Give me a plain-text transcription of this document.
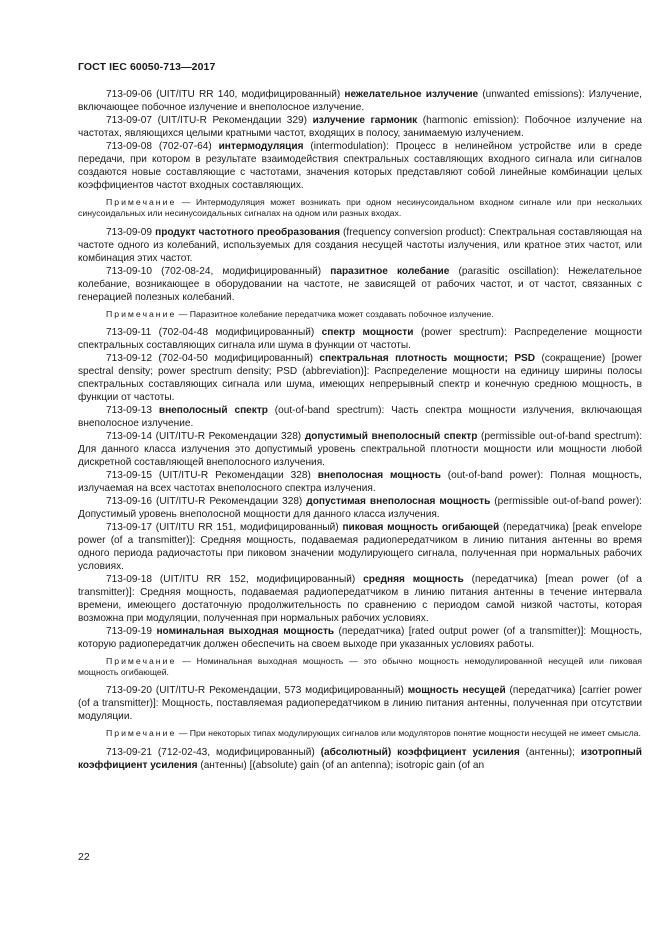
ГОСТ IEC 60050-713—2017

713-09-06 (UIT/ITU RR 140, модифицированный) нежелательное излучение (unwanted emissions): Излучение, включающее побочное излучение и внеполосное излучение.

713-09-07 (UIT/ITU-R Рекомендации 329) излучение гармоник (harmonic emission): Побочное излучение на частотах, являющихся целыми кратными частот, входящих в полосу, занимаемую излучением.

713-09-08 (702-07-64) интермодуляция (intermodulation): Процесс в нелинейном устройстве или в среде передачи, при котором в результате взаимодействия спектральных составляющих входного сигнала или сигналов создаются новые составляющие с частотами, значения которых представляют собой линейные комбинации целых коэффициентов частот входных составляющих.

Примечание — Интермодуляция может возникать при одном несинусоидальном входном сигнале или при нескольких синусоидальных или несинусоидальных сигналах на одном или разных входах.

713-09-09 продукт частотного преобразования (frequency conversion product): Спектральная составляющая на частоте одного из колебаний, используемых для создания несущей частоты излучения, или кратное этих частот, или комбинация этих частот.

713-09-10 (702-08-24, модифицированный) паразитное колебание (parasitic oscillation): Нежелательное колебание, возникающее в оборудовании на частоте, не зависящей от рабочих частот, и от частот, связанных с генерацией полезных колебаний.

Примечание — Паразитное колебание передатчика может создавать побочное излучение.

713-09-11 (702-04-48 модифицированный) спектр мощности (power spectrum): Распределение мощности спектральных составляющих сигнала или шума в функции от частоты.

713-09-12 (702-04-50 модифицированный) спектральная плотность мощности; PSD (сокращение) [power spectral density; power spectrum density; PSD (abbreviation)]: Распределение мощности на единицу ширины полосы спектральных составляющих сигнала или шума, имеющих непрерывный спектр и конечную среднюю мощность, в функции от частоты.

713-09-13 внеполосный спектр (out-of-band spectrum): Часть спектра мощности излучения, включающая внеполосное излучение.

713-09-14 (UIT/ITU-R Рекомендации 328) допустимый внеполосный спектр (permissible out-of-band spectrum): Для данного класса излучения это допустимый уровень спектральной плотности мощности или мощности любой дискретной составляющей внеполосного излучения.

713-09-15 (UIT/ITU-R Рекомендации 328) внеполосная мощность (out-of-band power): Полная мощность, излучаемая на всех частотах внеполосного спектра излучения.

713-09-16 (UIT/ITU-R Рекомендации 328) допустимая внеполосная мощность (permissible out-of-band power): Допустимый уровень внеполосной мощности для данного класса излучения.

713-09-17 (UIT/ITU RR 151, модифицированный) пиковая мощность огибающей (передатчика) [peak envelope power (of a transmitter)]: Средняя мощность, подаваемая радиопередатчиком в линию питания антенны во время одного периода радиочастоты при пиковом значении модулирующего сигнала, полученная при нормальных рабочих условиях.

713-09-18 (UIT/ITU RR 152, модифицированный) средняя мощность (передатчика) [mean power (of a transmitter)]: Средняя мощность, подаваемая радиопередатчиком в линию питания антенны в течение интервала времени, имеющего достаточную продолжительность по сравнению с периодом самой низкой частоты, которая возможна при модуляции, полученная при нормальных рабочих условиях.

713-09-19 номинальная выходная мощность (передатчика) [rated output power (of a transmitter)]: Мощность, которую радиопередатчик должен обеспечить на своем выходе при указанных условиях работы.

Примечание — Номинальная выходная мощность — это обычно мощность немодулированной несущей или пиковая мощность огибающей.

713-09-20 (UIT/ITU-R Рекомендации, 573 модифицированный) мощность несущей (передатчика) [carrier power (of a transmitter)]: Мощность, поставляемая радиопередатчиком в линию питания антенны, полученная при отсутствии модуляции.

Примечание — При некоторых типах модулирующих сигналов или модуляторов понятие мощности несущей не имеет смысла.

713-09-21 (712-02-43, модифицированный) (абсолютный) коэффициент усиления (антенны); изотропный коэффициент усиления (антенны) [(absolute) gain (of an antenna); isotropic gain (of an

22
